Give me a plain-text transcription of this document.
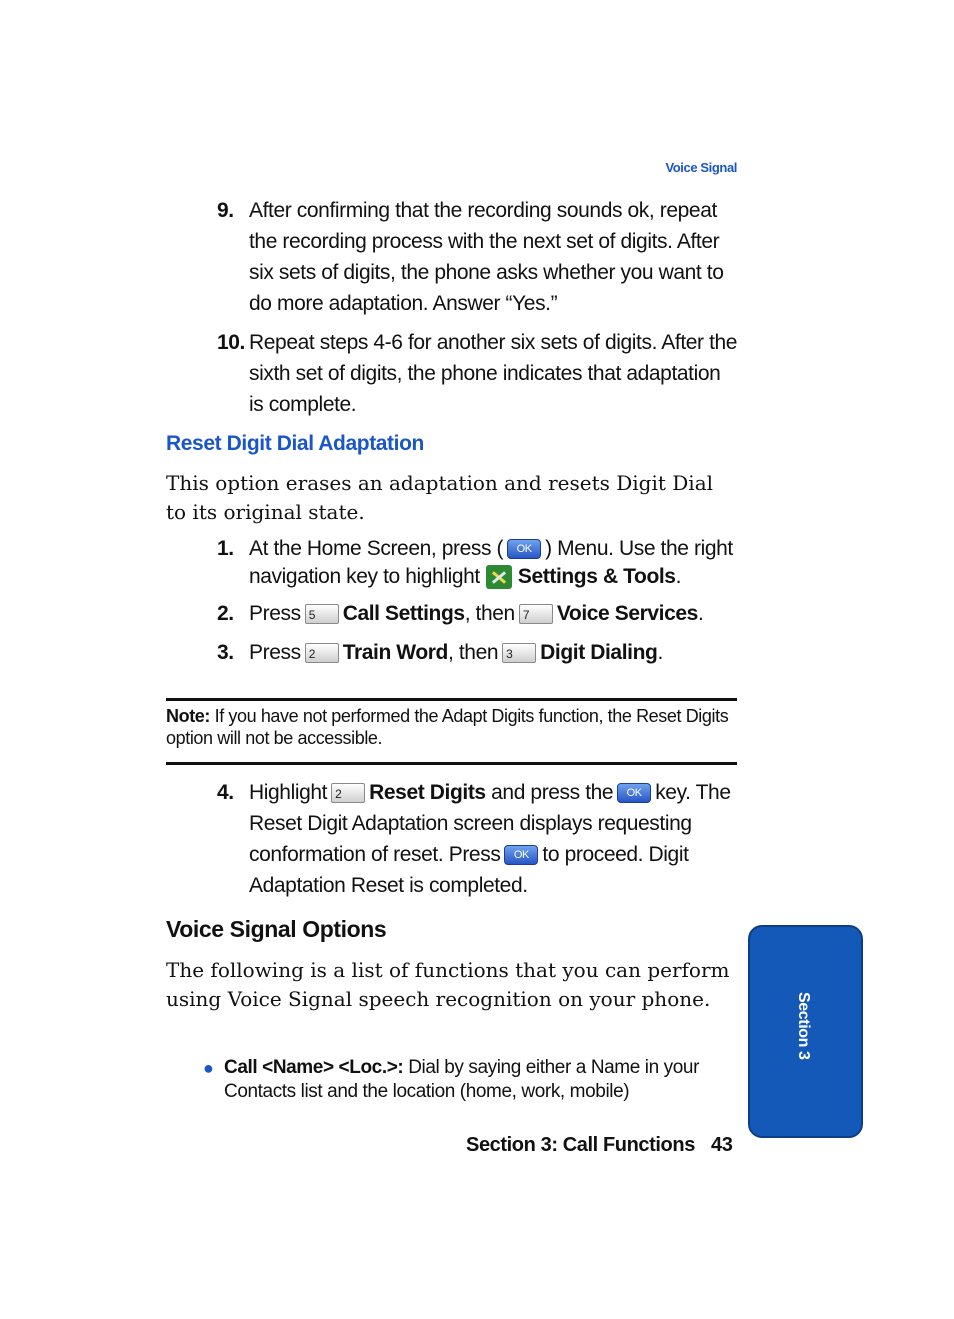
Voice Signal
9. After confirming that the recording sounds ok, repeat the recording process with the next set of digits. After six sets of digits, the phone asks whether you want to do more adaptation. Answer “Yes.”
10. Repeat steps 4-6 for another six sets of digits. After the sixth set of digits, the phone indicates that adaptation is complete.
Reset Digit Dial Adaptation
This option erases an adaptation and resets Digit Dial to its original state.
1. At the Home Screen, press ( OK ) Menu. Use the right navigation key to highlight Settings & Tools.
2. Press 5 Call Settings, then 7 Voice Services.
3. Press 2 Train Word, then 3 Digit Dialing.
Note: If you have not performed the Adapt Digits function, the Reset Digits option will not be accessible.
4. Highlight 2 Reset Digits and press the OK key. The Reset Digit Adaptation screen displays requesting conformation of reset. Press OK to proceed. Digit Adaptation Reset is completed.
Voice Signal Options
The following is a list of functions that you can perform using Voice Signal speech recognition on your phone.
● Call <Name> <Loc.>: Dial by saying either a Name in your Contacts list and the location (home, work, mobile)
Section 3
Section 3: Call Functions 43
